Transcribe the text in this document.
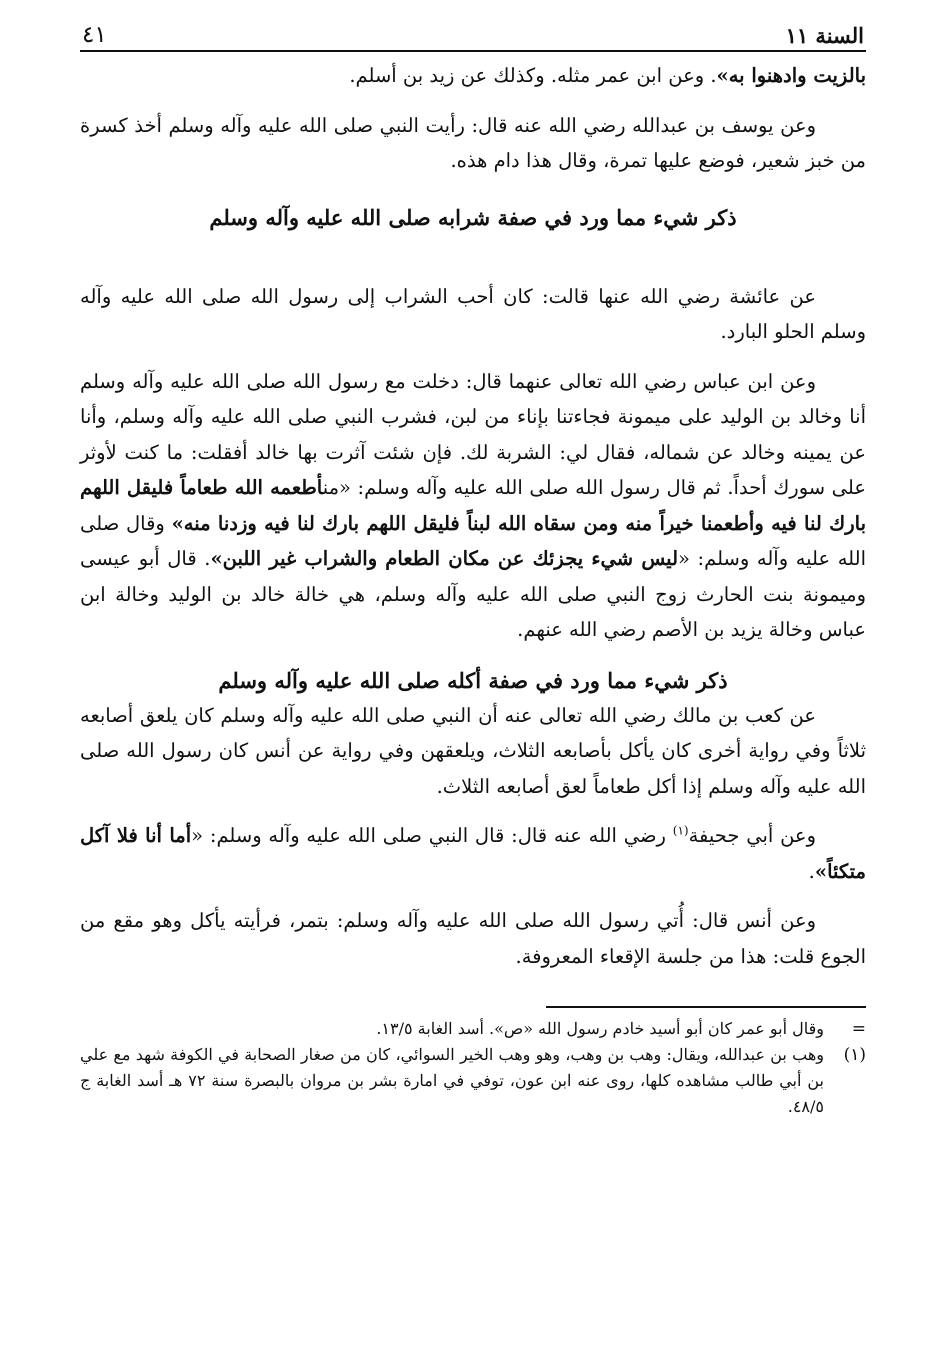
السنة ١١
٤١

بالزيت وادهنوا به». وعن ابن عمر مثله. وكذلك عن زيد بن أسلم.

وعن يوسف بن عبدالله رضي الله عنه قال: رأيت النبي صلى الله عليه وآله وسلم أخذ كسرة من خبز شعير، فوضع عليها تمرة، وقال هذا دام هذه.

ذكر شيء مما ورد في صفة شرابه صلى الله عليه وآله وسلم

عن عائشة رضي الله عنها قالت: كان أحب الشراب إلى رسول الله صلى الله عليه وآله وسلم الحلو البارد.

وعن ابن عباس رضي الله تعالى عنهما قال: دخلت مع رسول الله صلى الله عليه وآله وسلم أنا وخالد بن الوليد على ميمونة فجاءتنا بإناء من لبن، فشرب النبي صلى الله عليه وآله وسلم، وأنا عن يمينه وخالد عن شماله، فقال لي: الشربة لك. فإن شئت آثرت بها خالد أفقلت: ما كنت لأوثر على سورك أحداً. ثم قال رسول الله صلى الله عليه وآله وسلم: «منأطعمه الله طعاماً فليقل اللهم بارك لنا فيه وأطعمنا خيراً منه ومن سقاه الله لبناً فليقل اللهم بارك لنا فيه وزدنا منه» وقال صلى الله عليه وآله وسلم: «ليس شيء يجزئك عن مكان الطعام والشراب غير اللبن». قال أبو عيسى وميمونة بنت الحارث زوج النبي صلى الله عليه وآله وسلم، هي خالة خالد بن الوليد وخالة ابن عباس وخالة يزيد بن الأصم رضي الله عنهم.

ذكر شيء مما ورد في صفة أكله صلى الله عليه وآله وسلم

عن كعب بن مالك رضي الله تعالى عنه أن النبي صلى الله عليه وآله وسلم كان يلعق أصابعه ثلاثاً وفي رواية أخرى كان يأكل بأصابعه الثلاث، ويلعقهن وفي رواية عن أنس كان رسول الله صلى الله عليه وآله وسلم إذا أكل طعاماً لعق أصابعه الثلاث.

وعن أبي جحيفة$^{(١)}$ رضي الله عنه قال: قال النبي صلى الله عليه وآله وسلم: «أما أنا فلا آكل متكئاً».

وعن أنس قال: أُتي رسول الله صلى الله عليه وآله وسلم: بتمر، فرأيته يأكل وهو مقع من الجوع قلت: هذا من جلسة الإقعاء المعروفة.

=
وقال أبو عمر كان أبو أسيد خادم رسول الله «ص». أسد الغابة ١٣/٥.
(١)
وهب بن عبدالله، ويقال: وهب بن وهب، وهو وهب الخير السوائي، كان من صغار الصحابة في الكوفة شهد مع علي بن أبي طالب مشاهده كلها، روى عنه ابن عون، توفي في امارة بشر بن مروان بالبصرة سنة ٧٢ هـ أسد الغابة ج ٤٨/٥.
